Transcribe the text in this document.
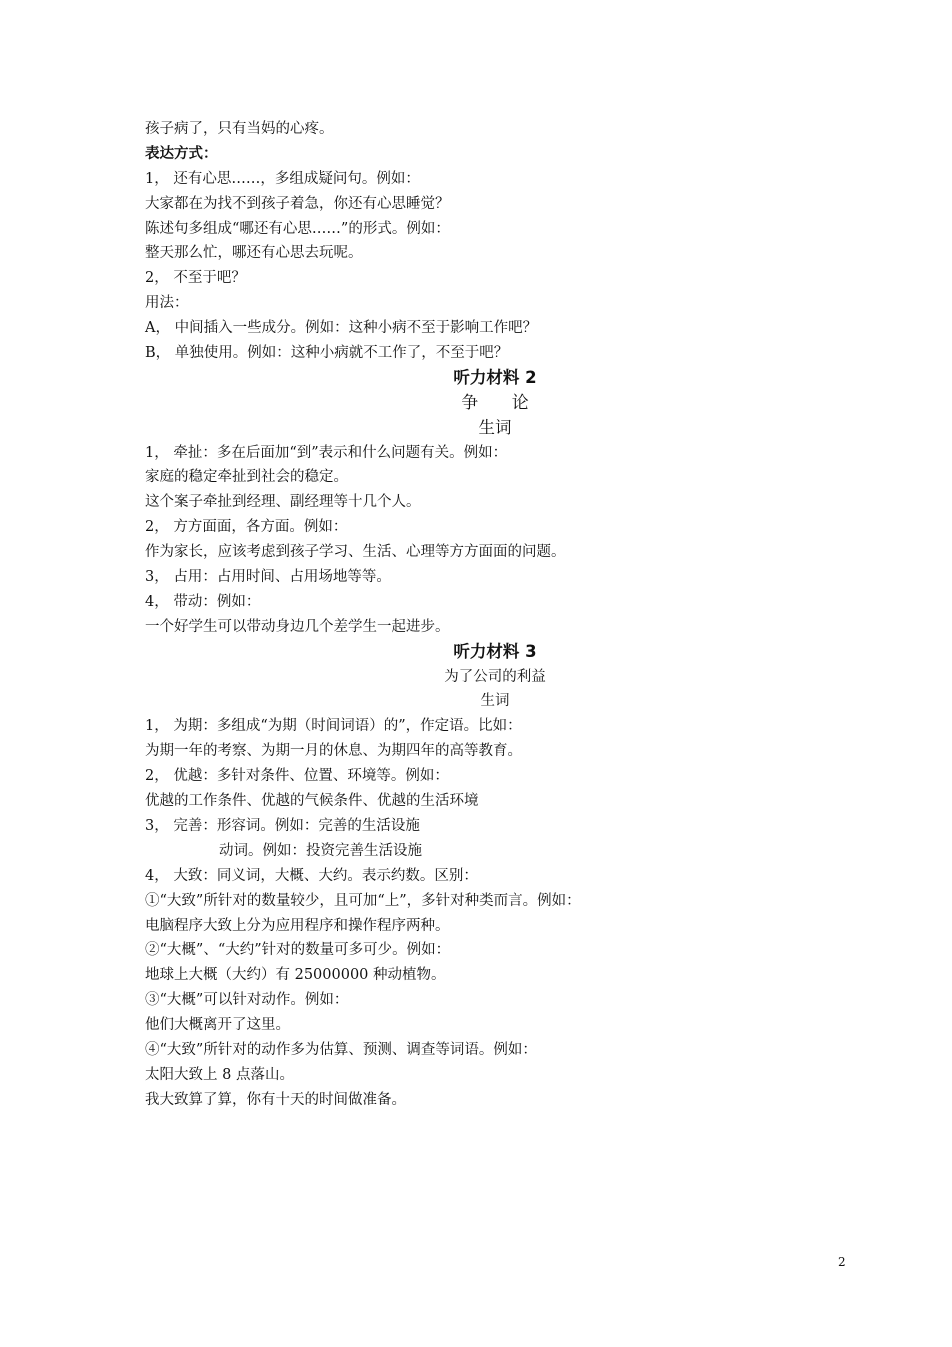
孩子病了，只有当妈的心疼。
表达方式：
1， 还有心思……，多组成疑问句。例如：
大家都在为找不到孩子着急，你还有心思睡觉？
陈述句多组成“哪还有心思……”的形式。例如：
整天那么忙，哪还有心思去玩呢。
2， 不至于吧？
用法：
A， 中间插入一些成分。例如：这种小病不至于影响工作吧？
B， 单独使用。例如：这种小病就不工作了，不至于吧？
听力材料 2
争 论
生词
1， 牵扯：多在后面加“到”表示和什么问题有关。例如：
家庭的稳定牵扯到社会的稳定。
这个案子牵扯到经理、副经理等十几个人。
2， 方方面面，各方面。例如：
作为家长，应该考虑到孩子学习、生活、心理等方方面面的问题。
3， 占用：占用时间、占用场地等等。
4， 带动：例如：
一个好学生可以带动身边几个差学生一起进步。
听力材料 3
为了公司的利益
生词
1， 为期：多组成“为期（时间词语）的”，作定语。比如：
为期一年的考察、为期一月的休息、为期四年的高等教育。
2， 优越：多针对条件、位置、环境等。例如：
优越的工作条件、优越的气候条件、优越的生活环境
3， 完善：形容词。例如：完善的生活设施
动词。例如：投资完善生活设施
4， 大致：同义词，大概、大约。表示约数。区别：
①“大致”所针对的数量较少，且可加“上”，多针对种类而言。例如：
电脑程序大致上分为应用程序和操作程序两种。
②“大概”、“大约”针对的数量可多可少。例如：
地球上大概（大约）有 25000000 种动植物。
③“大概”可以针对动作。例如：
他们大概离开了这里。
④“大致”所针对的动作多为估算、预测、调查等词语。例如：
太阳大致上 8 点落山。
我大致算了算，你有十天的时间做准备。
2
